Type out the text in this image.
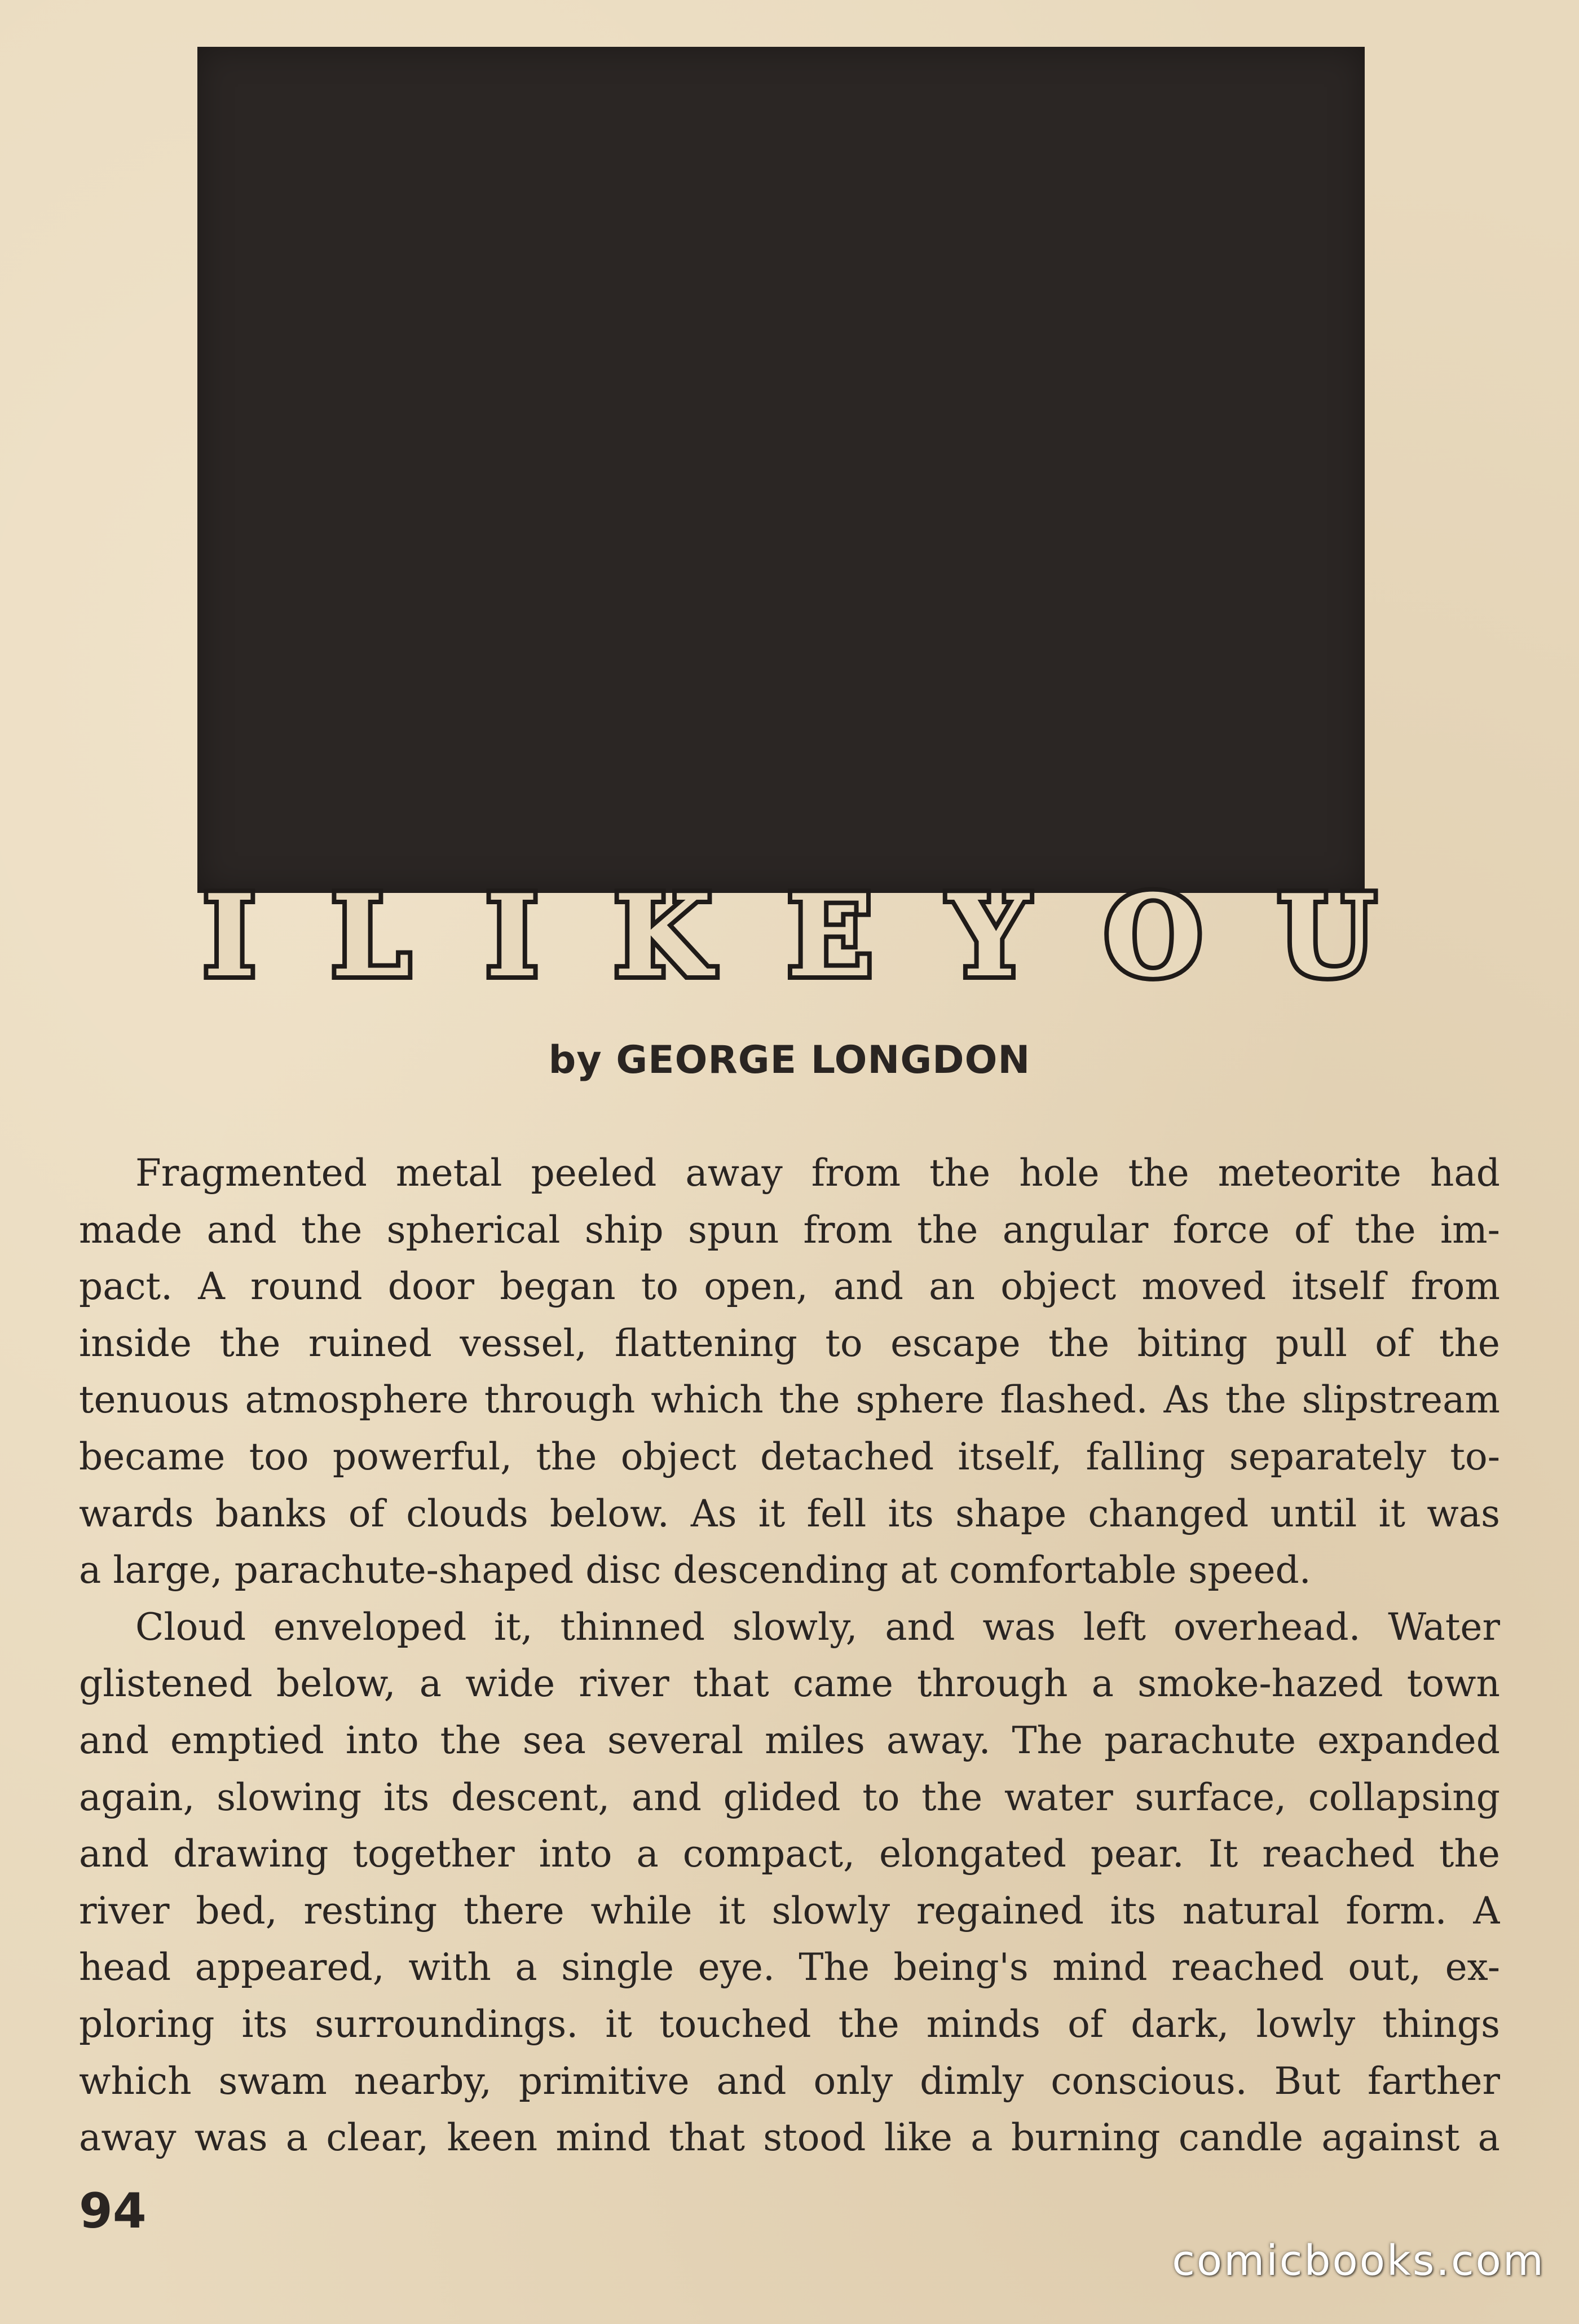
I L I K E Y O U
by GEORGE LONGDON
Fragmented metal peeled away from the hole the meteorite had
made and the spherical ship spun from the angular force of the im-
pact. A round door began to open, and an object moved itself from
inside the ruined vessel, flattening to escape the biting pull of the
tenuous atmosphere through which the sphere flashed. As the slipstream
became too powerful, the object detached itself, falling separately to-
wards banks of clouds below. As it fell its shape changed until it was
a large, parachute-shaped disc descending at comfortable speed.
Cloud enveloped it, thinned slowly, and was left overhead. Water
glistened below, a wide river that came through a smoke-hazed town
and emptied into the sea several miles away. The parachute expanded
again, slowing its descent, and glided to the water surface, collapsing
and drawing together into a compact, elongated pear. It reached the
river bed, resting there while it slowly regained its natural form. A
head appeared, with a single eye. The being's mind reached out, ex-
ploring its surroundings. it touched the minds of dark, lowly things
which swam nearby, primitive and only dimly conscious. But farther
away was a clear, keen mind that stood like a burning candle against a
94
comicbooks.com
